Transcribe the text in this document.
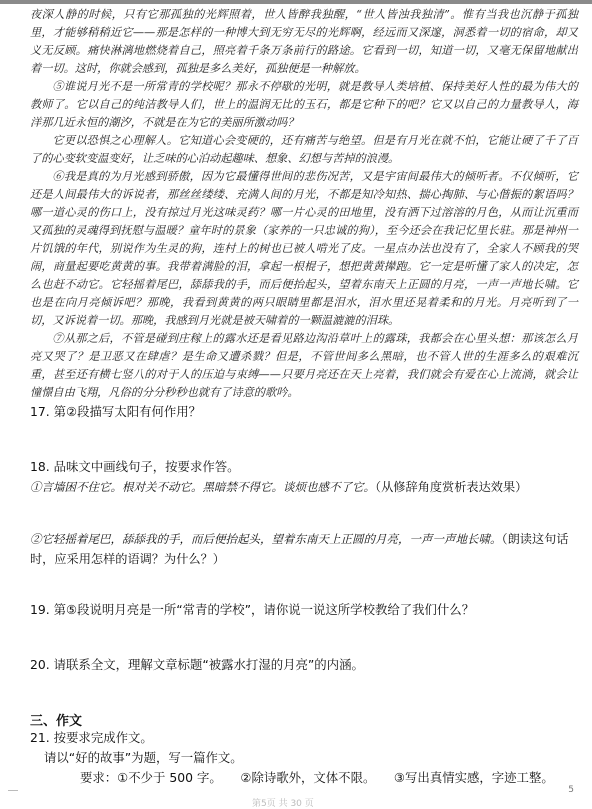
夜深人静的时候，只有它那孤独的光辉照着，世人皆醉我独醒，“世人皆浊我独清”。惟有当我也沉静于孤独里，才能够稍稍近它——那是怎样的一种博大到无穷无尽的光辉啊，经远而又深邃，洞悉着一切的宿命，却又义无反顾。痛快淋漓地燃烧着自己，照亮着千条万条前行的路途。它看到一切，知道一切，又毫无保留地献出着一切。这时，你就会感到，孤独是多么美好，孤独便是一种解放。

⑤谁说月光不是一所常青的学校呢？那永不停歇的光明，就是教导人类培植、保持美好人性的最为伟大的教师了。它以自己的纯洁教导人们，世上的温润无比的玉石，都是它种下的吧？它又以自己的力量教导人，海洋那几近永恒的潮汐，不就是在为它的美丽所激动吗？

它更以恐惧之心理解人。它知道心会变硬的，还有痛苦与绝望。但是有月光在就不怕，它能让硬了千了百了的心变软变温变好，让乏味的心泊动起趣味、想象、幻想与苦掉的浪漫。

⑥我是真的为月光感到骄傲，因为它最懂得世间的悲伤况苦，又是宇宙间最伟大的倾听者。不仅倾听，它还是人间最伟大的诉说者，那丝丝缕缕、充满人间的月光，不都是知冷知热、揣心掏肺、与心偕振的絮语吗？哪一道心灵的伤口上，没有掠过月光这味灵药？哪一片心灵的田地里，没有洒下过溶溶的月色，从而让沉重而又孤独的灵魂得到抚慰与温暖？童年时的景象（家养的一只忠诚的狗），至今还会在我记忆里长驻。那是神州一片饥饿的年代，别说作为生灵的狗，连村上的树也已被人啃光了皮。一星点办法也没有了，全家人不顾我的哭闹，商量起要吃黄黄的事。我带着满脸的泪，拿起一根棍子，想把黄黄撵跑。它一定是听懂了家人的决定，怎么也赶不动它。它轻摇着尾巴，舔舔我的手，而后便抬起头，望着东南天上正圆的月亮，一声一声地长啸。它也是在向月亮倾诉吧？那晚，我看到黄黄的两只眼睛里都是泪水，泪水里还晃着柔和的月光。月亮听到了一切，又诉说着一切。那晚，我感到月光就是被天啸着的一颗温漉漉的泪珠。

⑦从那之后，不管是碰到庄稼上的露水还是看见路边沟沿草叶上的露珠，我都会在心里头想：那该怎么月亮又哭了？是卫恶又在肆虐？是生命又遭杀戮？但是，不管世间多么黑暗，也不管人世的生涯多么的艰难沉重，甚至还有横七竖八的对于人的压迫与束缚——只要月亮还在天上亮着，我们就会有爱在心上流淌，就会让憧憬自由飞翔，凡俗的分分秒秒也就有了诗意的歌吟。

17. 第②段描写太阳有何作用？
18. 品味文中画线句子，按要求作答。
①言墙困不住它。根对关不动它。黑暗禁不得它。谈烦也感不了它。（从修辞角度赏析表达效果）
②它轻摇着尾巴，舔舔我的手，而后便抬起头，望着东南天上正圆的月亮，一声一声地长啸。（朗读这句话时，应采用怎样的语调？为什么？）
19. 第⑤段说明月亮是一所“常青的学校”，请你说一说这所学校教给了我们什么？
20. 请联系全文，理解文章标题“被露水打湿的月亮”的内涵。
三、作文
21. 按要求完成作文。
请以“好的故事”为题，写一篇作文。
要求：①不少于 500 字。　　②除诗歌外，文体不限。　　③写出真情实感，字迹工整。
5
第5页 共 30 页
